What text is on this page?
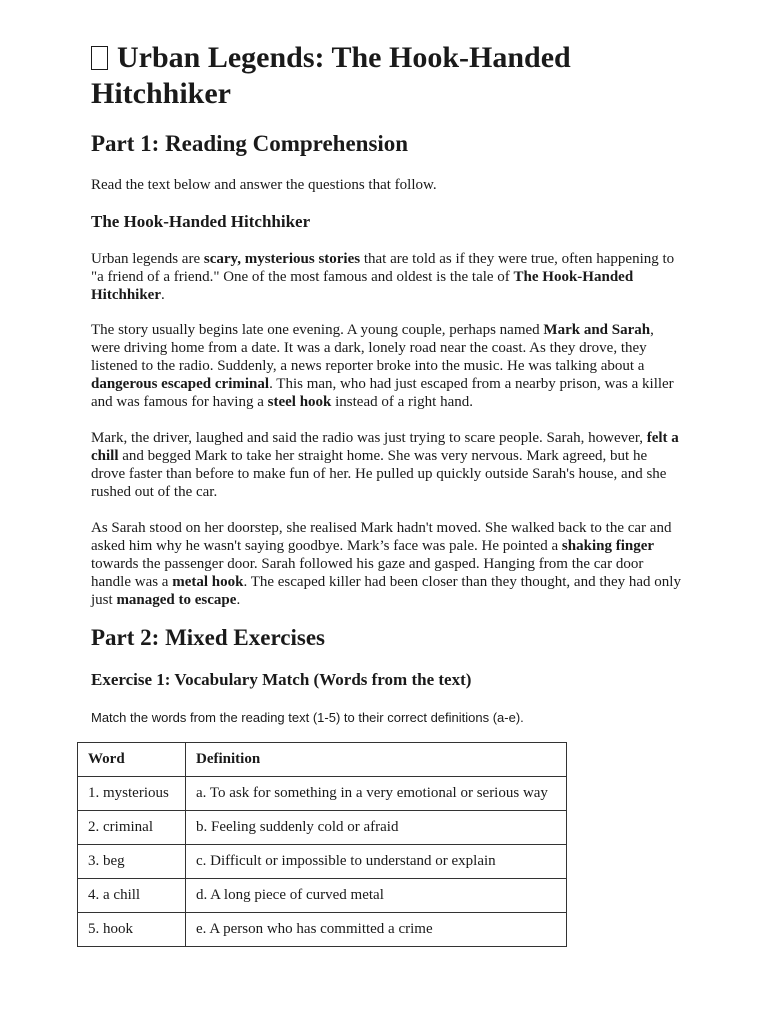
Urban Legends: The Hook-Handed Hitchhiker
Part 1: Reading Comprehension

Read the text below and answer the questions that follow.

The Hook-Handed Hitchhiker

Urban legends are scary, mysterious stories that are told as if they were true, often happening to "a friend of a friend." One of the most famous and oldest is the tale of The Hook-Handed Hitchhiker.

The story usually begins late one evening. A young couple, perhaps named Mark and Sarah, were driving home from a date. It was a dark, lonely road near the coast. As they drove, they listened to the radio. Suddenly, a news reporter broke into the music. He was talking about a dangerous escaped criminal. This man, who had just escaped from a nearby prison, was a killer and was famous for having a steel hook instead of a right hand.

Mark, the driver, laughed and said the radio was just trying to scare people. Sarah, however, felt a chill and begged Mark to take her straight home. She was very nervous. Mark agreed, but he drove faster than before to make fun of her. He pulled up quickly outside Sarah's house, and she rushed out of the car.

As Sarah stood on her doorstep, she realised Mark hadn't moved. She walked back to the car and asked him why he wasn't saying goodbye. Mark’s face was pale. He pointed a shaking finger towards the passenger door. Sarah followed his gaze and gasped. Hanging from the car door handle was a metal hook. The escaped killer had been closer than they thought, and they had only just managed to escape.

Part 2: Mixed Exercises
Exercise 1: Vocabulary Match (Words from the text)

Match the words from the reading text (1-5) to their correct definitions (a-e).

Word	Definition
1. mysterious	a. To ask for something in a very emotional or serious way
2. criminal	b. Feeling suddenly cold or afraid
3. beg	c. Difficult or impossible to understand or explain
4. a chill	d. A long piece of curved metal
5. hook	e. A person who has committed a crime
